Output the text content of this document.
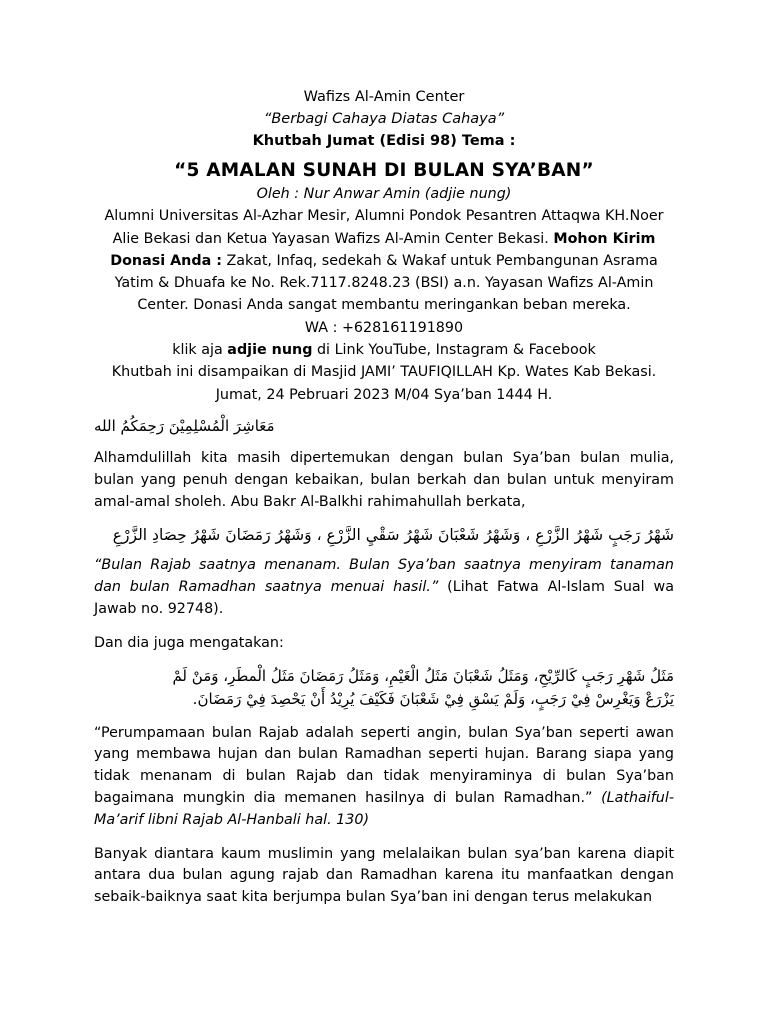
Wafizs Al-Amin Center
“Berbagi Cahaya Diatas Cahaya”
Khutbah Jumat (Edisi 98) Tema :
“5 AMALAN SUNAH DI BULAN SYA’BAN”
Oleh : Nur Anwar Amin (adjie nung)
Alumni Universitas Al-Azhar Mesir, Alumni Pondok Pesantren Attaqwa KH.Noer Alie Bekasi dan Ketua Yayasan Wafizs Al-Amin Center Bekasi. Mohon Kirim Donasi Anda : Zakat, Infaq, sedekah & Wakaf untuk Pembangunan Asrama Yatim & Dhuafa ke No. Rek.7117.8248.23 (BSI) a.n. Yayasan Wafizs Al-Amin Center. Donasi Anda sangat membantu meringankan beban mereka.
WA : +628161191890
klik aja adjie nung di Link YouTube, Instagram & Facebook
Khutbah ini disampaikan di Masjid JAMI’ TAUFIQILLAH Kp. Wates Kab Bekasi.
Jumat, 24 Pebruari 2023 M/04 Sya’ban 1444 H.
مَعَاشِرَ الْمُسْلِمِيْنَ رَحِمَكُمُ الله

Alhamdulillah kita masih dipertemukan dengan bulan Sya’ban bulan mulia, bulan yang penuh dengan kebaikan, bulan berkah dan bulan untuk menyiram amal-amal sholeh. Abu Bakr Al-Balkhi rahimahullah berkata,

شَهْرُ رَجَبٍ شَهْرُ الزَّرْعِ ، وَشَهْرُ شَعْبَانَ شَهْرُ سَقْيِ الزَّرْعِ ، وَشَهْرُ رَمَضَانَ شَهْرُ حِصَادِ الزَّرْعِ

“Bulan Rajab saatnya menanam. Bulan Sya’ban saatnya menyiram tanaman dan bulan Ramadhan saatnya menuai hasil.” (Lihat Fatwa Al-Islam Sual wa Jawab no. 92748).

Dan dia juga mengatakan:

مَثَلُ شَهْرِ رَجَبٍ كَالرِّيْحِ، وَمَثَلُ شَعْبَانَ مَثَلُ الْغَيْمِ، وَمَثَلُ رَمَضَانَ مَثَلُ الْمطَرِ، وَمَنْ لَمْ
يَزْرَعْ وَيَغْرِسْ فِيْ رَجَبٍ، وَلَمْ يَسْقِ فِيْ شَعْبَانَ فَكَيْفَ يُرِيْدُ أَنْ يَحْصِدَ فِيْ رَمَضَانَ.

“Perumpamaan bulan Rajab adalah seperti angin, bulan Sya’ban seperti awan yang membawa hujan dan bulan Ramadhan seperti hujan. Barang siapa yang tidak menanam di bulan Rajab dan tidak menyiraminya di bulan Sya’ban bagaimana mungkin dia memanen hasilnya di bulan Ramadhan.” (Lathaiful-Ma’arif libni Rajab Al-Hanbali hal. 130)

Banyak diantara kaum muslimin yang melalaikan bulan sya’ban karena diapit antara dua bulan agung rajab dan Ramadhan karena itu manfaatkan dengan sebaik-baiknya saat kita berjumpa bulan Sya’ban ini dengan terus melakukan
